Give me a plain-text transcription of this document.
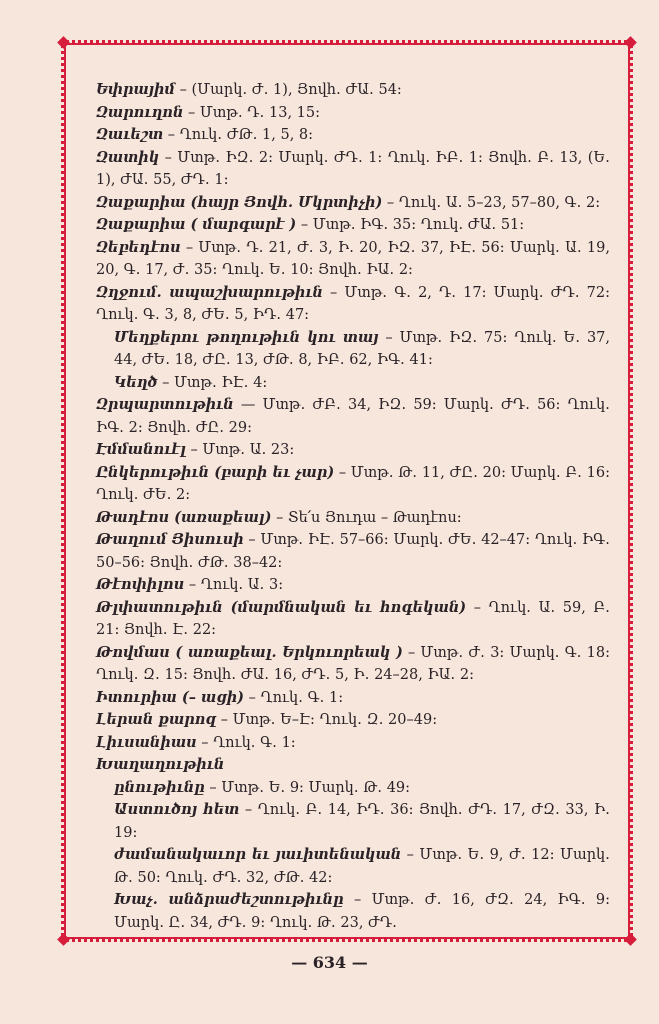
Եփրայիմ – (Մարկ․ Ժ․ 1), Յովհ․ ԺԱ․ 54:
Զարուղոն – Մտթ․ Դ․ 13, 15:
Զաւեշտ – Ղուկ․ ԺԹ․ 1, 5, 8:
Զատիկ – Մտթ․ ԻԶ․ 2: Մարկ․ ԺԴ․ 1: Ղուկ․ ԻԲ․ 1: Յովհ․ Բ․ 13, (Ե․ 1), ԺԱ․ 55, ԺԴ․ 1:
Զաքարիա (հայր Յովհ․ Մկրտիչի) – Ղուկ․ Ա․ 5–23, 57–80, Գ․ 2:
Զաքարիա ( մարգարէ ) – Մտթ․ ԻԳ․ 35: Ղուկ․ ԺԱ․ 51:
Զեբեդէոս – Մտթ․ Դ․ 21, Ժ․ 3, Ի․ 20, ԻԶ․ 37, ԻԷ․ 56: Մարկ․ Ա․ 19, 20, Գ․ 17, Ժ․ 35: Ղուկ․ Ե․ 10: Յովհ․ ԻԱ․ 2:
Զղջում․ ապաշխարութիւն – Մտթ․ Գ․ 2, Դ․ 17: Մարկ․ ԺԴ․ 72: Ղուկ․ Գ․ 3, 8, ԺԵ․ 5, ԻԴ․ 47:
Մեղքերու թողութիւն կու տայ – Մտթ․ ԻԶ․ 75: Ղուկ․ Ե․ 37, 44, ԺԵ․ 18, ԺԸ․ 13, ԺԹ․ 8, ԻԲ․ 62, ԻԳ․ 41:
Կեղծ – Մտթ․ ԻԷ․ 4:
Զրպարտութիւն — Մտթ․ ԺԲ․ 34, ԻԶ․ 59: Մարկ․ ԺԴ․ 56: Ղուկ․ ԻԳ․ 2: Յովհ․ ԺԸ․ 29:
Էմմանուէլ – Մտթ․ Ա․ 23:
Ընկերութիւն (բարի եւ չար) – Մտթ․ Թ․ 11, ԺԸ․ 20: Մարկ․ Բ․ 16: Ղուկ․ ԺԵ․ 2:
Թադէոս (առաքեալ) – Տե՛ս Յուդա – Թադէոս:
Թաղում Յիսուսի – Մտթ․ ԻԷ․ 57–66: Մարկ․ ԺԵ․ 42–47: Ղուկ․ ԻԳ․ 50–56: Յովհ․ ԺԹ․ 38–42:
Թէոփիլոս – Ղուկ․ Ա․ 3:
Թլփատութիւն (մարմնական եւ հոգեկան) – Ղուկ․ Ա․ 59, Բ․ 21: Յովհ․ Է․ 22:
Թովմաս ( առաքեալ․ Երկուորեակ ) – Մտթ․ Ժ․ 3: Մարկ․ Գ․ 18: Ղուկ․ Զ․ 15: Յովհ․ ԺԱ․ 16, ԺԴ․ 5, Ի․ 24–28, ԻԱ․ 2:
Իտուրիա (– ացի) – Ղուկ․ Գ․ 1:
Լերան քարոզ – Մտթ․ Ե–Է: Ղուկ․ Զ․ 20–49:
Լիւսանիաս – Ղուկ․ Գ․ 1:
Խաղաղութիւն
ընութիւնը – Մտթ․ Ե․ 9: Մարկ․ Թ․ 49:
Աստուծոյ հետ – Ղուկ․ Բ․ 14, ԻԴ․ 36: Յովհ․ ԺԴ․ 17, ԺԶ․ 33, Ի․ 19:
ժամանակաւոր եւ յաւիտենական – Մտթ․ Ե․ 9, Ժ․ 12: Մարկ․ Թ․ 50: Ղուկ․ ԺԴ․ 32, ԺԹ․ 42:
Խաչ․ անձրաժեշտութիւնը – Մտթ․ Ժ․ 16, ԺԶ․ 24, ԻԳ․ 9: Մարկ․ Ը․ 34, ԺԴ․ 9: Ղուկ․ Թ․ 23, ԺԴ․
— 634 —
